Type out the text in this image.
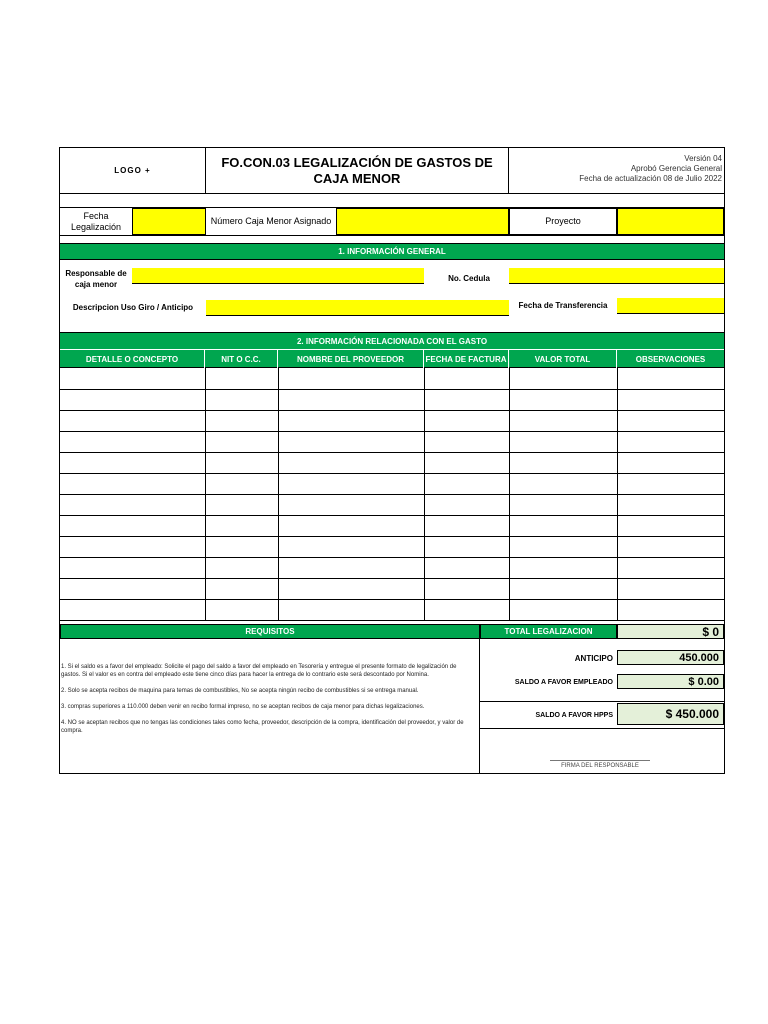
LOGO +
FO.CON.03 LEGALIZACIÓN DE GASTOS DE CAJA MENOR
Versión 04
Aprobó Gerencia General
Fecha de actualización 08 de Julio 2022
Fecha Legalización
Número Caja Menor Asignado	Proyecto
1. INFORMACIÓN GENERAL
Responsable de caja menor
No. Cedula
Descripcion Uso Giro / Anticipo	Fecha de Transferencia
2. INFORMACIÓN RELACIONADA CON EL GASTO
DETALLE O CONCEPTO	NIT O C.C.	NOMBRE DEL PROVEEDOR	FECHA DE FACTURA	VALOR TOTAL	OBSERVACIONES
REQUISITOS	TOTAL LEGALIZACION	$ 0
1. Si el saldo es a favor del empleado: Solicite el pago del saldo a favor del empleado en Tesorería y entregue el presente formato de legalización de gastos. Si el valor es en contra del empleado este tiene cinco días para hacer la entrega de lo contrario este será descontado por Nomina.
2. Solo se acepta recibos de maquina para temas de combustibles, No se acepta ningún recibo de combustibles si se entrega manual.
3. compras superiores a 110.000 deben venir en recibo formal impreso, no se aceptan recibos de caja menor para dichas legalizaciones.
4. NO se aceptan recibos que no tengas las condiciones tales como fecha, proveedor, descripción de la compra, identificación del proveedor, y valor de compra.
ANTICIPO	450.000
SALDO A FAVOR EMPLEADO	$ 0.00
SALDO A FAVOR HPPS	$ 450.000
FIRMA DEL RESPONSABLE
